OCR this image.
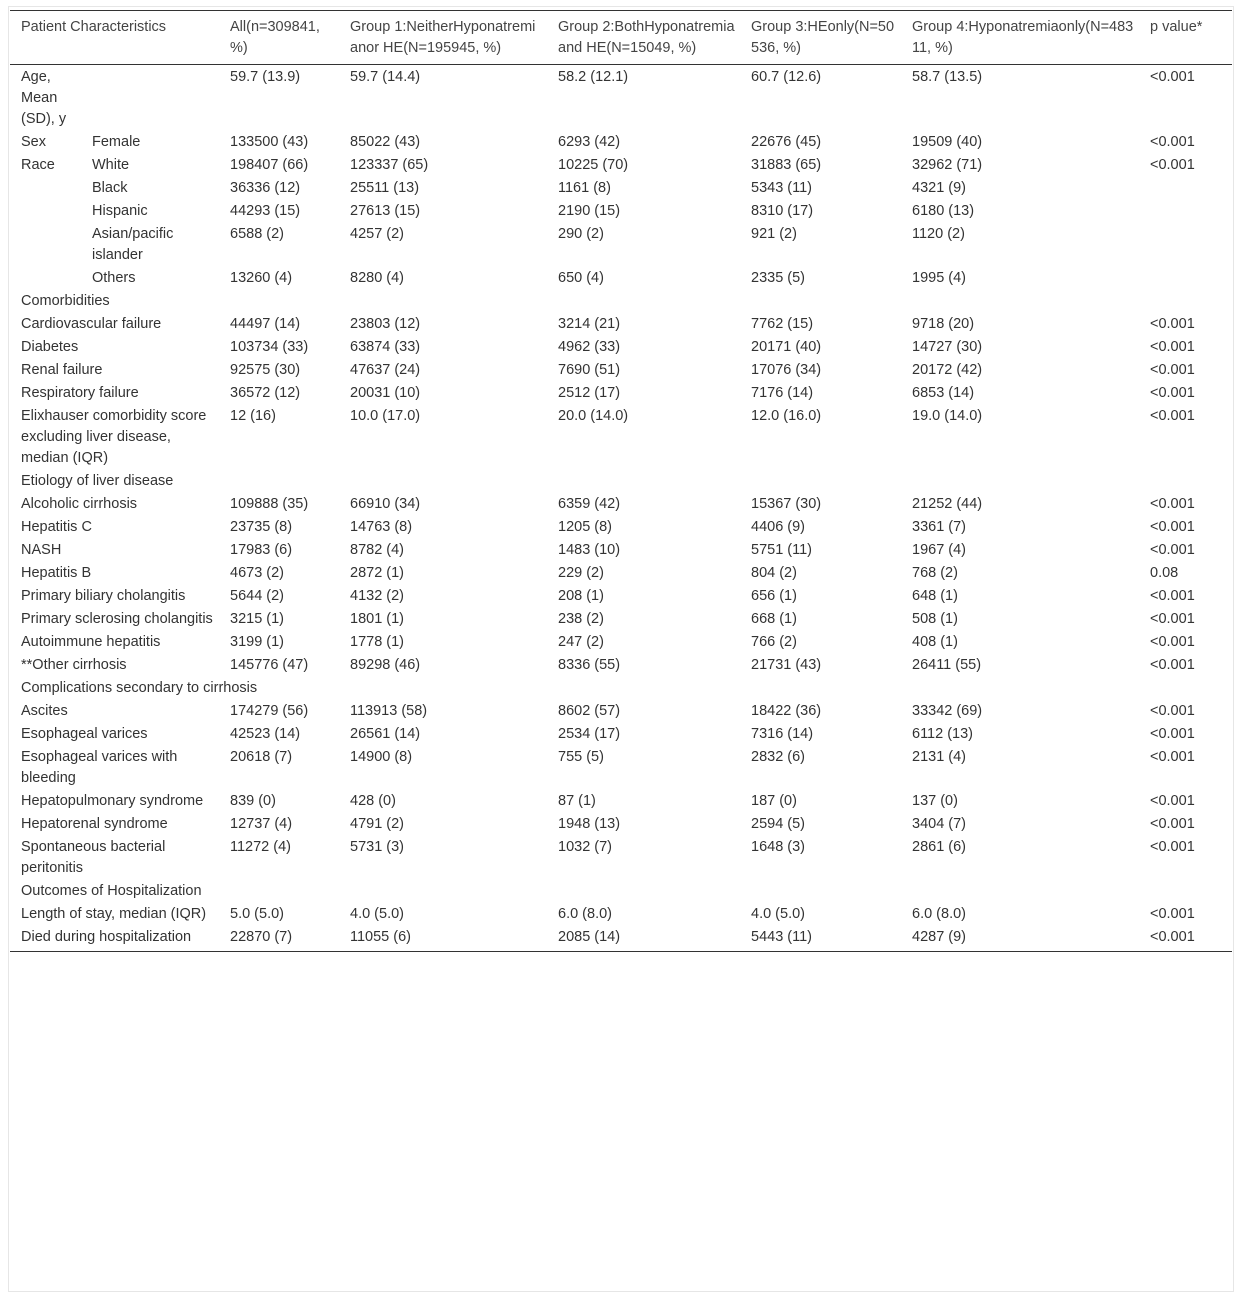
Patient Characteristics		All(n=309841, %)	Group 1:NeitherHyponatremianor HE(N=195945, %)	Group 2:BothHyponatremiaand HE(N=15049, %)	Group 3:HEonly(N=50536, %)	Group 4:Hyponatremiaonly(N=48311, %)	p value*
Age, Mean (SD), y		59.7 (13.9)	59.7 (14.4)	58.2 (12.1)	60.7 (12.6)	58.7 (13.5)	<0.001
Sex	Female	133500 (43)	85022 (43)	6293 (42)	22676 (45)	19509 (40)	<0.001
Race	White	198407 (66)	123337 (65)	10225 (70)	31883 (65)	32962 (71)	<0.001
	Black	36336 (12)	25511 (13)	1161 (8)	5343 (11)	4321 (9)	
	Hispanic	44293 (15)	27613 (15)	2190 (15)	8310 (17)	6180 (13)	
	Asian/pacific islander	6588 (2)	4257 (2)	290 (2)	921 (2)	1120 (2)	
	Others	13260 (4)	8280 (4)	650 (4)	2335 (5)	1995 (4)	
Comorbidities							
Cardiovascular failure		44497 (14)	23803 (12)	3214 (21)	7762 (15)	9718 (20)	<0.001
Diabetes		103734 (33)	63874 (33)	4962 (33)	20171 (40)	14727 (30)	<0.001
Renal failure		92575 (30)	47637 (24)	7690 (51)	17076 (34)	20172 (42)	<0.001
Respiratory failure		36572 (12)	20031 (10)	2512 (17)	7176 (14)	6853 (14)	<0.001
Elixhauser comorbidity score excluding liver disease, median (IQR)		12 (16)	10.0 (17.0)	20.0 (14.0)	12.0 (16.0)	19.0 (14.0)	<0.001
Etiology of liver disease							
Alcoholic cirrhosis		109888 (35)	66910 (34)	6359 (42)	15367 (30)	21252 (44)	<0.001
Hepatitis C		23735 (8)	14763 (8)	1205 (8)	4406 (9)	3361 (7)	<0.001
NASH		17983 (6)	8782 (4)	1483 (10)	5751 (11)	1967 (4)	<0.001
Hepatitis B		4673 (2)	2872 (1)	229 (2)	804 (2)	768 (2)	0.08
Primary biliary cholangitis		5644 (2)	4132 (2)	208 (1)	656 (1)	648 (1)	<0.001
Primary sclerosing cholangitis		3215 (1)	1801 (1)	238 (2)	668 (1)	508 (1)	<0.001
Autoimmune hepatitis		3199 (1)	1778 (1)	247 (2)	766 (2)	408 (1)	<0.001
**Other cirrhosis		145776 (47)	89298 (46)	8336 (55)	21731 (43)	26411 (55)	<0.001
Complications secondary to cirrhosis							
Ascites		174279 (56)	113913 (58)	8602 (57)	18422 (36)	33342 (69)	<0.001
Esophageal varices		42523 (14)	26561 (14)	2534 (17)	7316 (14)	6112 (13)	<0.001
Esophageal varices with bleeding		20618 (7)	14900 (8)	755 (5)	2832 (6)	2131 (4)	<0.001
Hepatopulmonary syndrome		839 (0)	428 (0)	87 (1)	187 (0)	137 (0)	<0.001
Hepatorenal syndrome		12737 (4)	4791 (2)	1948 (13)	2594 (5)	3404 (7)	<0.001
Spontaneous bacterial peritonitis		11272 (4)	5731 (3)	1032 (7)	1648 (3)	2861 (6)	<0.001
Outcomes of Hospitalization							
Length of stay, median (IQR)		5.0 (5.0)	4.0 (5.0)	6.0 (8.0)	4.0 (5.0)	6.0 (8.0)	<0.001
Died during hospitalization		22870 (7)	11055 (6)	2085 (14)	5443 (11)	4287 (9)	<0.001
